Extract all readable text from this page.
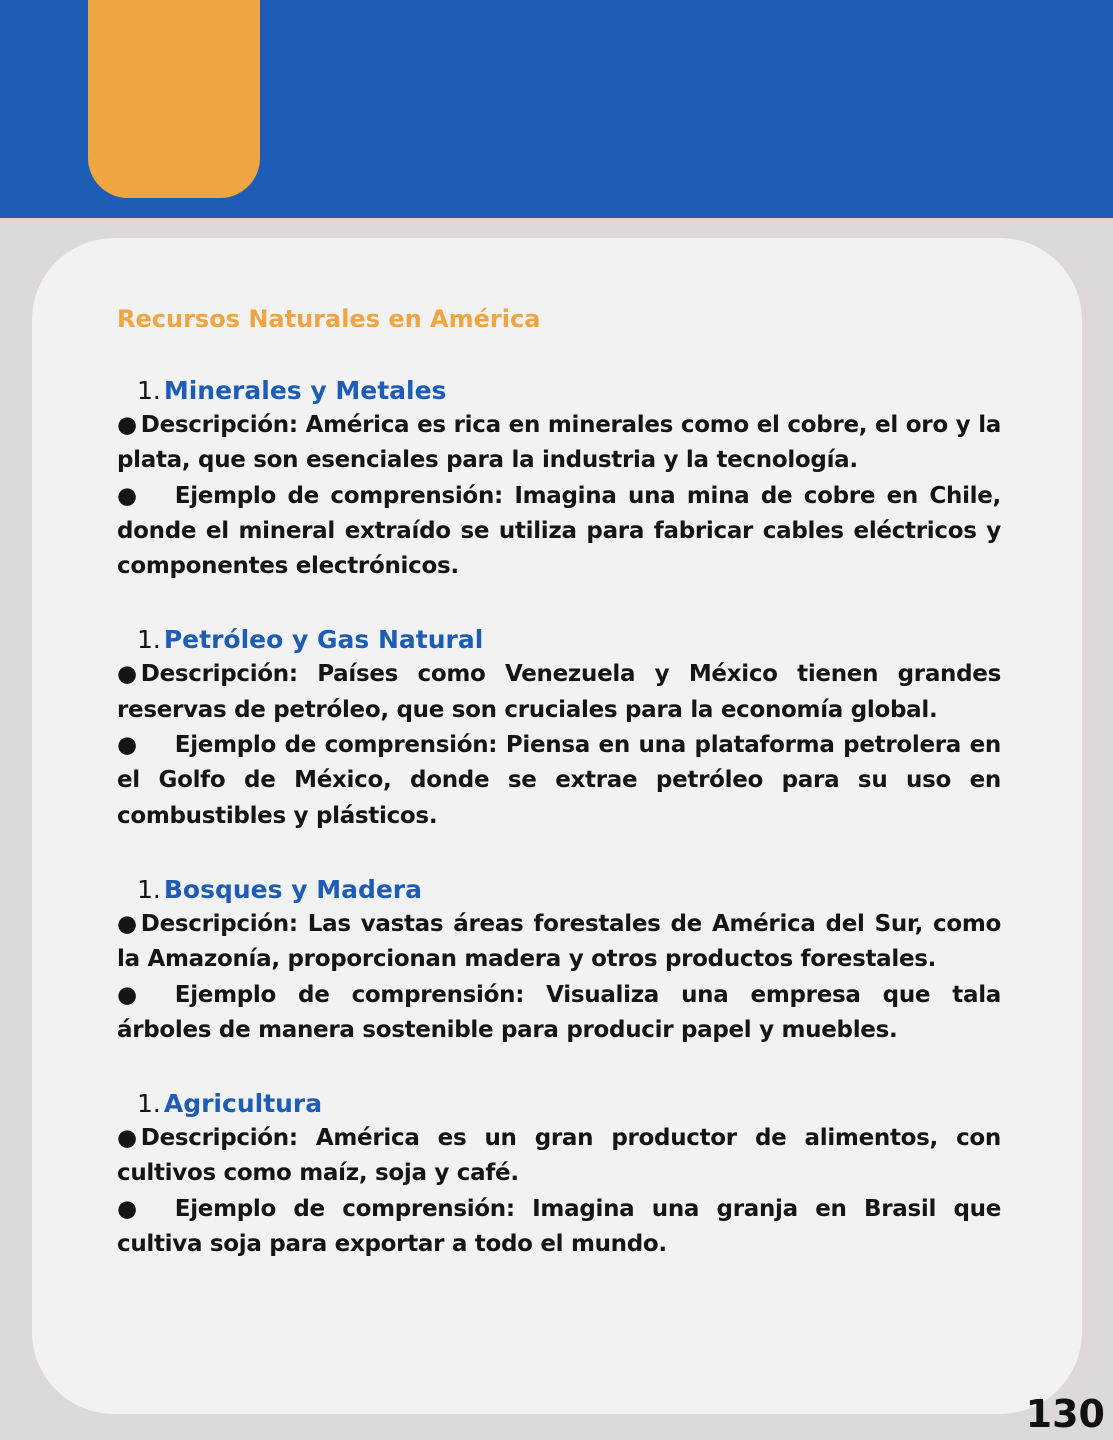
Recursos Naturales en América
1. Minerales y Metales

● Descripción: América es rica en minerales como el cobre, el oro y la plata, que son esenciales para la industria y la tecnología.

● Ejemplo de comprensión: Imagina una mina de cobre en Chile, donde el mineral extraído se utiliza para fabricar cables eléctricos y componentes electrónicos.

1. Petróleo y Gas Natural

● Descripción: Países como Venezuela y México tienen grandes reservas de petróleo, que son cruciales para la economía global.

● Ejemplo de comprensión: Piensa en una plataforma petrolera en el Golfo de México, donde se extrae petróleo para su uso en combustibles y plásticos.

1. Bosques y Madera

● Descripción: Las vastas áreas forestales de América del Sur, como la Amazonía, proporcionan madera y otros productos forestales.

● Ejemplo de comprensión: Visualiza una empresa que tala árboles de manera sostenible para producir papel y muebles.

1. Agricultura

● Descripción: América es un gran productor de alimentos, con cultivos como maíz, soja y café.

● Ejemplo de comprensión: Imagina una granja en Brasil que cultiva soja para exportar a todo el mundo.

130
